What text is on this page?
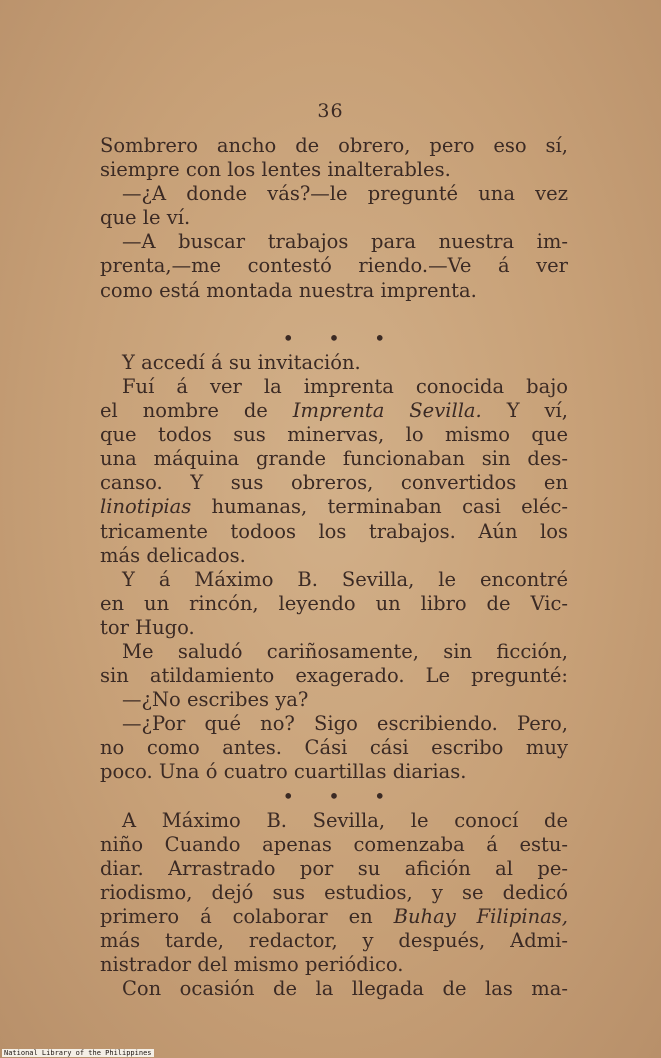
36
Sombrero ancho de obrero, pero eso sí,
siempre con los lentes inalterables.
—¿A donde vás?—le pregunté una vez
que le ví.
—A buscar trabajos para nuestra im-
prenta,—me contestó riendo.—Ve á ver
como está montada nuestra imprenta.
• • •
Y accedí á su invitación.
Fuí á ver la imprenta conocida bajo
el nombre de Imprenta Sevilla. Y ví,
que todos sus minervas, lo mismo que
una máquina grande funcionaban sin des-
canso. Y sus obreros, convertidos en
linotipias humanas, terminaban casi eléc-
tricamente todoos los trabajos. Aún los
más delicados.
Y á Máximo B. Sevilla, le encontré
en un rincón, leyendo un libro de Vic-
tor Hugo.
Me saludó cariñosamente, sin ficción,
sin atildamiento exagerado. Le pregunté:
—¿No escribes ya?
—¿Por qué no? Sigo escribiendo. Pero,
no como antes. Cási cási escribo muy
poco. Una ó cuatro cuartillas diarias.
• • •
A Máximo B. Sevilla, le conocí de
niño Cuando apenas comenzaba á estu-
diar. Arrastrado por su afición al pe-
riodismo, dejó sus estudios, y se dedicó
primero á colaborar en Buhay Filipinas,
más tarde, redactor, y después, Admi-
nistrador del mismo periódico.
Con ocasión de la llegada de las ma-
National Library of the Philippines
